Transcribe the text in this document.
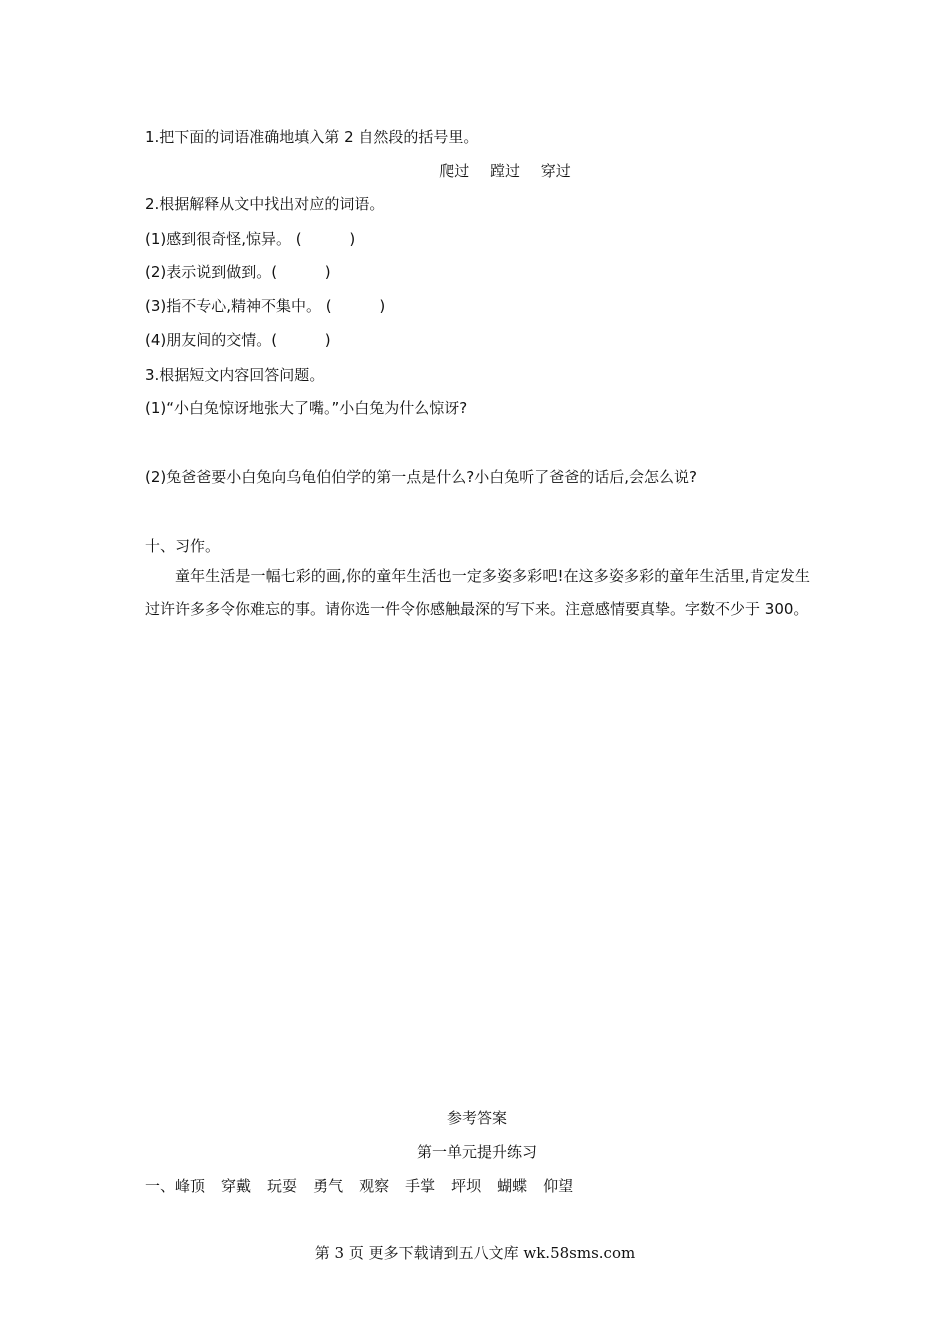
1.把下面的词语准确地填入第 2 自然段的括号里。
爬过 蹚过 穿过
2.根据解释从文中找出对应的词语。
(1)感到很奇怪,惊异。 (          )
(2)表示说到做到。(          )
(3)指不专心,精神不集中。 (          )
(4)朋友间的交情。(          )
3.根据短文内容回答问题。
(1)“小白兔惊讶地张大了嘴。”小白兔为什么惊讶?
(2)兔爸爸要小白兔向乌龟伯伯学的第一点是什么?小白兔听了爸爸的话后,会怎么说?
十、习作。
童年生活是一幅七彩的画,你的童年生活也一定多姿多彩吧!在这多姿多彩的童年生活里,肯定发生过许许多多令你难忘的事。请你选一件令你感触最深的写下来。注意感情要真挚。字数不少于 300。
参考答案
第一单元提升练习
一、峰顶 穿戴 玩耍 勇气 观察 手掌 坪坝 蝴蝶 仰望
第 3 页 更多下载请到五八文库 wk.58sms.com
